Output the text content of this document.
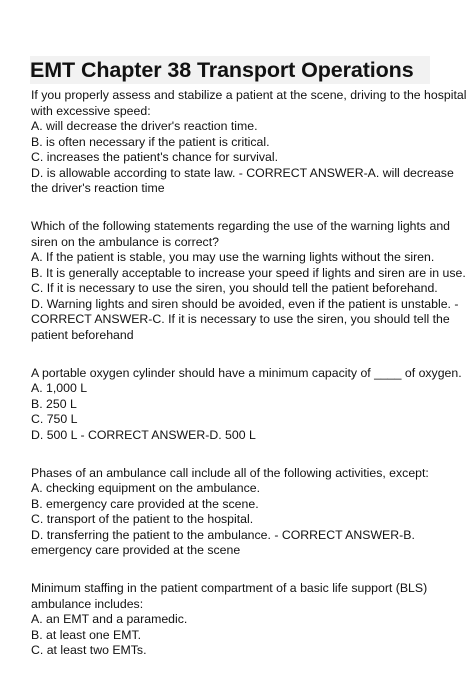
EMT Chapter 38 Transport Operations
If you properly assess and stabilize a patient at the scene, driving to the hospital
with excessive speed:
A. will decrease the driver's reaction time.
B. is often necessary if the patient is critical.
C. increases the patient's chance for survival.
D. is allowable according to state law. - CORRECT ANSWER-A. will decrease
the driver's reaction time
Which of the following statements regarding the use of the warning lights and
siren on the ambulance is correct?
A. If the patient is stable, you may use the warning lights without the siren.
B. It is generally acceptable to increase your speed if lights and siren are in use.
C. If it is necessary to use the siren, you should tell the patient beforehand.
D. Warning lights and siren should be avoided, even if the patient is unstable. -
CORRECT ANSWER-C. If it is necessary to use the siren, you should tell the
patient beforehand
A portable oxygen cylinder should have a minimum capacity of ____ of oxygen.
A. 1,000 L
B. 250 L
C. 750 L
D. 500 L - CORRECT ANSWER-D. 500 L
Phases of an ambulance call include all of the following activities, except:
A. checking equipment on the ambulance.
B. emergency care provided at the scene.
C. transport of the patient to the hospital.
D. transferring the patient to the ambulance. - CORRECT ANSWER-B.
emergency care provided at the scene
Minimum staffing in the patient compartment of a basic life support (BLS)
ambulance includes:
A. an EMT and a paramedic.
B. at least one EMT.
C. at least two EMTs.
